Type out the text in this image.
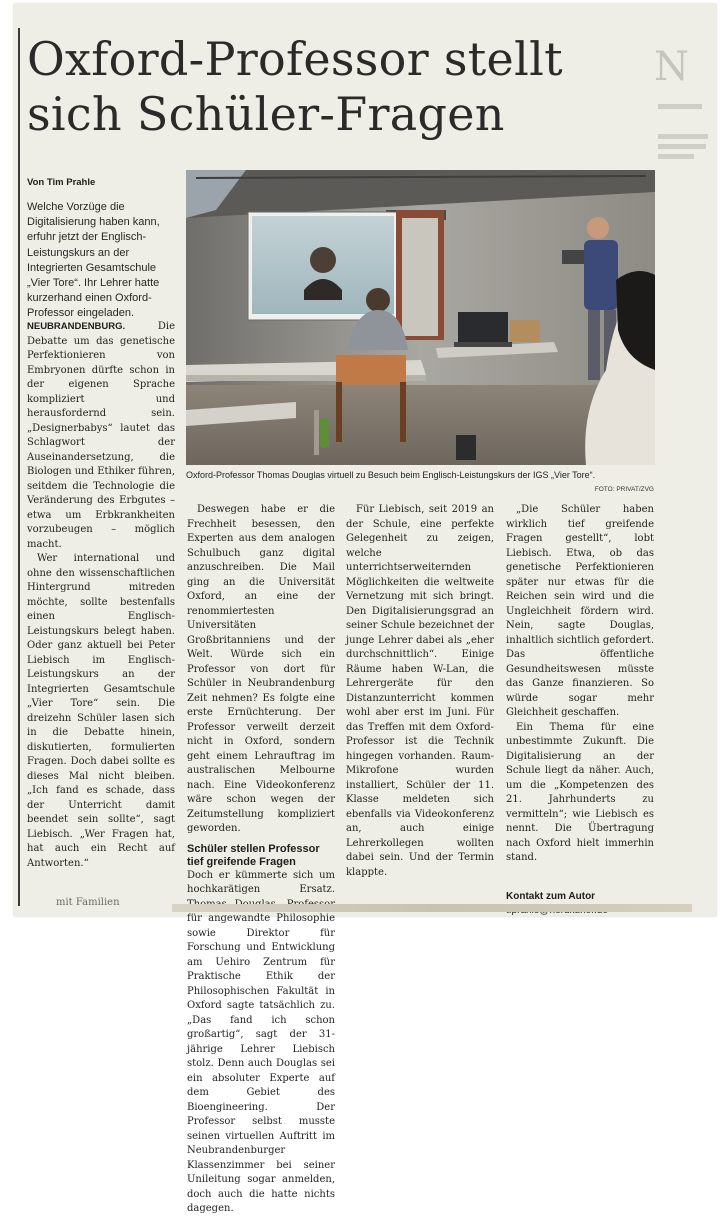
N
Oxford-Professor stellt
sich Schüler-Fragen
Von Tim Prahle
Welche Vorzüge die Digitalisierung haben kann, erfuhr jetzt der Englisch-Leistungskurs an der Integrierten Gesamtschule „Vier Tore“. Ihr Lehrer hatte kurzerhand einen Oxford-Professor eingeladen.
Oxford-Professor Thomas Douglas virtuell zu Besuch beim Englisch-Leistungskurs der IGS „Vier Tore“.
FOTO: PRIVAT/ZVG

NEUBRANDENBURG.	Die Debatte um das genetische Perfektionieren von Embryonen dürfte schon in der eigenen Sprache kompliziert und herausfordernd sein. „Designerbabys“ lautet das Schlagwort der Auseinandersetzung, die Biologen und Ethiker führen, seitdem die Technologie die Veränderung des Erbgutes – etwa um Erbkrankheiten vorzubeugen – möglich macht.

Wer international und ohne den wissenschaftlichen Hintergrund mitreden möchte, sollte bestenfalls einen Englisch-Leistungskurs belegt haben. Oder ganz aktuell bei Peter Liebisch im Englisch-Leistungskurs an der Integrierten Gesamtschule „Vier Tore“ sein. Die dreizehn Schüler lasen sich in die Debatte hinein, diskutierten, formulierten Fragen. Doch dabei sollte es dieses Mal nicht bleiben. „Ich fand es schade, dass der Unterricht damit beendet sein sollte“, sagt Liebisch. „Wer Fragen hat, hat auch ein Recht auf Antworten.“

Deswegen habe er die Frechheit besessen, den Experten aus dem analogen Schulbuch ganz digital anzuschreiben. Die Mail ging an die Universität Oxford, an eine der renommiertesten Universitäten Großbritanniens und der Welt. Würde sich ein Professor von dort für Schüler in Neubrandenburg Zeit nehmen? Es folgte eine erste Ernüchterung. Der Professor verweilt derzeit nicht in Oxford, sondern geht einem Lehrauftrag im australischen Melbourne nach. Eine Videokonferenz wäre schon wegen der Zeitumstellung kompliziert geworden.

Schüler stellen Professor tief greifende Fragen

Doch er kümmerte sich um hochkarätigen Ersatz. für angewandte Philosophie sowie Direktor für Forschung und Entwicklung am Uehiro Zentrum für Praktische Ethik der Philosophischen Fakultät in Oxford sagte tatsächlich zu. „Das fand ich schon großartig“, sagt der 31-jährige Lehrer Liebisch stolz. Denn auch Douglas sei ein absoluter Experte auf dem Gebiet des Bioengineering. Der Professor selbst musste seinen virtuellen Auftritt im Neubrandenburger Klassenzimmer bei seiner Unileitung sogar anmelden, doch auch die hatte nichts dagegen.

Für Liebisch, seit 2019 an der Schule, eine perfekte Gelegenheit zu zeigen, welche unterrichtserweiternden Möglichkeiten die weltweite Vernetzung mit sich bringt. Den Digitalisierungsgrad an seiner Schule bezeichnet der junge Lehrer dabei als „eher durchschnittlich“. Einige Räume haben W-Lan, die Lehrergeräte für den Distanzunterricht kommen wohl aber erst im Juni. Für das Treffen mit dem Oxford-Professor ist die Technik hingegen vorhanden. Raum-Mikrofone wurden installiert, Schüler der 11. Klasse meldeten sich ebenfalls via Videokonferenz an, auch einige Lehrerkollegen wollten dabei sein. Und der Termin klappte.

„Die Schüler haben wirklich tief greifende Fragen gestellt“, lobt Liebisch. Etwa, ob das genetische Perfektionieren später nur etwas für die Reichen sein wird und die Ungleichheit fördern wird. Nein, sagte Douglas, inhaltlich sichtlich gefordert. Das öffentliche Gesundheitswesen müsste das Ganze finanzieren. So würde sogar mehr Gleichheit geschaffen.

Ein Thema für eine unbestimmte Zukunft. Die Digitalisierung an der Schule liegt da näher. Auch, um die „Kompetenzen des 21. Jahrhunderts zu vermitteln“; wie Liebisch es nennt. Die Übertragung nach Oxford hielt immerhin stand.

Kontakt zum Autor
mit Familien
